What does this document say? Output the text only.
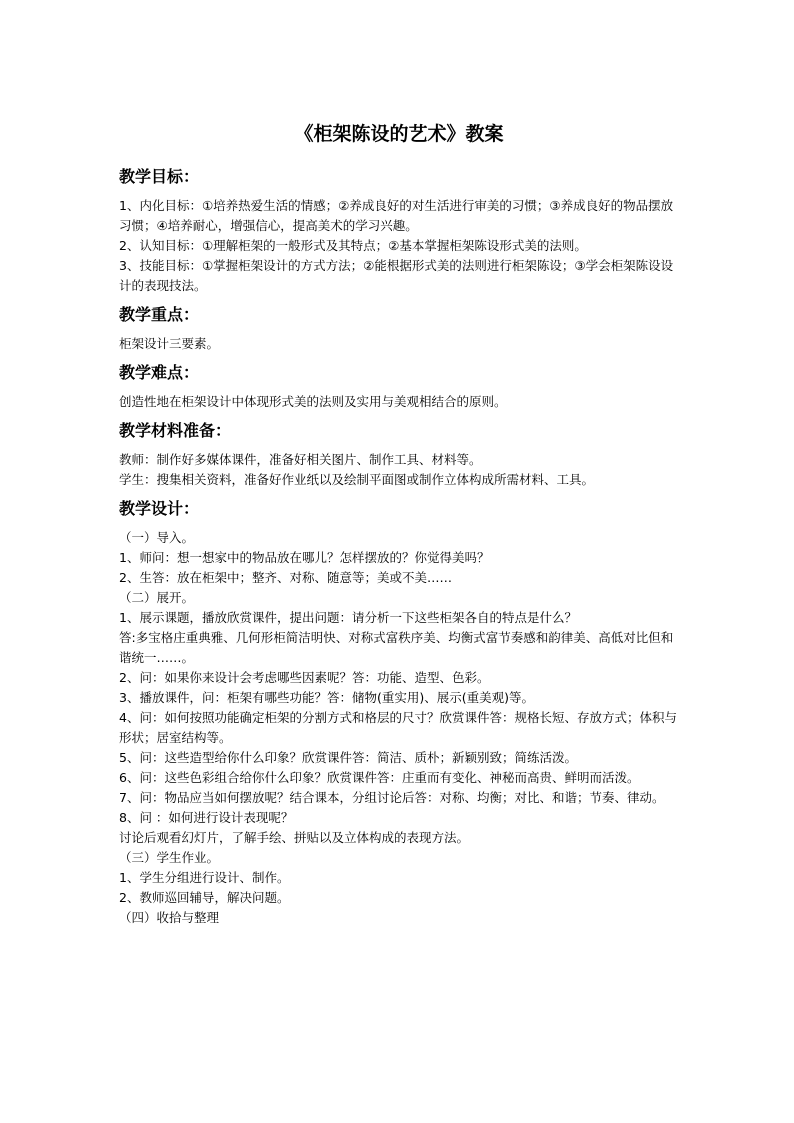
《柜架陈设的艺术》教案
教学目标：

1、内化目标：①培养热爱生活的情感；②养成良好的对生活进行审美的习惯；③养成良好的物品摆放习惯；④培养耐心，增强信心，提高美术的学习兴趣。

2、认知目标：①理解柜架的一般形式及其特点；②基本掌握柜架陈设形式美的法则。

3、技能目标：①掌握柜架设计的方式方法；②能根据形式美的法则进行柜架陈设；③学会柜架陈设设计的表现技法。

教学重点：

柜架设计三要素。

教学难点：

创造性地在柜架设计中体现形式美的法则及实用与美观相结合的原则。

教学材料准备：

教师：制作好多媒体课件，准备好相关图片、制作工具、材料等。

学生：搜集相关资料，准备好作业纸以及绘制平面图或制作立体构成所需材料、工具。

教学设计：

（一）导入。

1、师问：想一想家中的物品放在哪儿？怎样摆放的？你觉得美吗？

2、生答：放在柜架中；整齐、对称、随意等；美或不美……

（二）展开。

1、展示课题，播放欣赏课件，提出问题：请分析一下这些柜架各自的特点是什么？

答:多宝格庄重典雅、几何形柜简洁明快、对称式富秩序美、均衡式富节奏感和韵律美、高低对比但和谐统一……。

2、问：如果你来设计会考虑哪些因素呢？答：功能、造型、色彩。

3、播放课件，问：柜架有哪些功能？答：储物(重实用)、展示(重美观)等。

4、问：如何按照功能确定柜架的分割方式和格层的尺寸？欣赏课件答：规格长短、存放方式；体积与形状；居室结构等。

5、问：这些造型给你什么印象？欣赏课件答：简洁、质朴；新颖别致；简练活泼。

6、问：这些色彩组合给你什么印象？欣赏课件答：庄重而有变化、神秘而高贵、鲜明而活泼。

7、问：物品应当如何摆放呢？结合课本，分组讨论后答：对称、均衡；对比、和谐；节奏、律动。

8、问 ：如何进行设计表现呢？

讨论后观看幻灯片，了解手绘、拼贴以及立体构成的表现方法。

（三）学生作业。

1、学生分组进行设计、制作。

2、教师巡回辅导，解决问题。

（四）收拾与整理
